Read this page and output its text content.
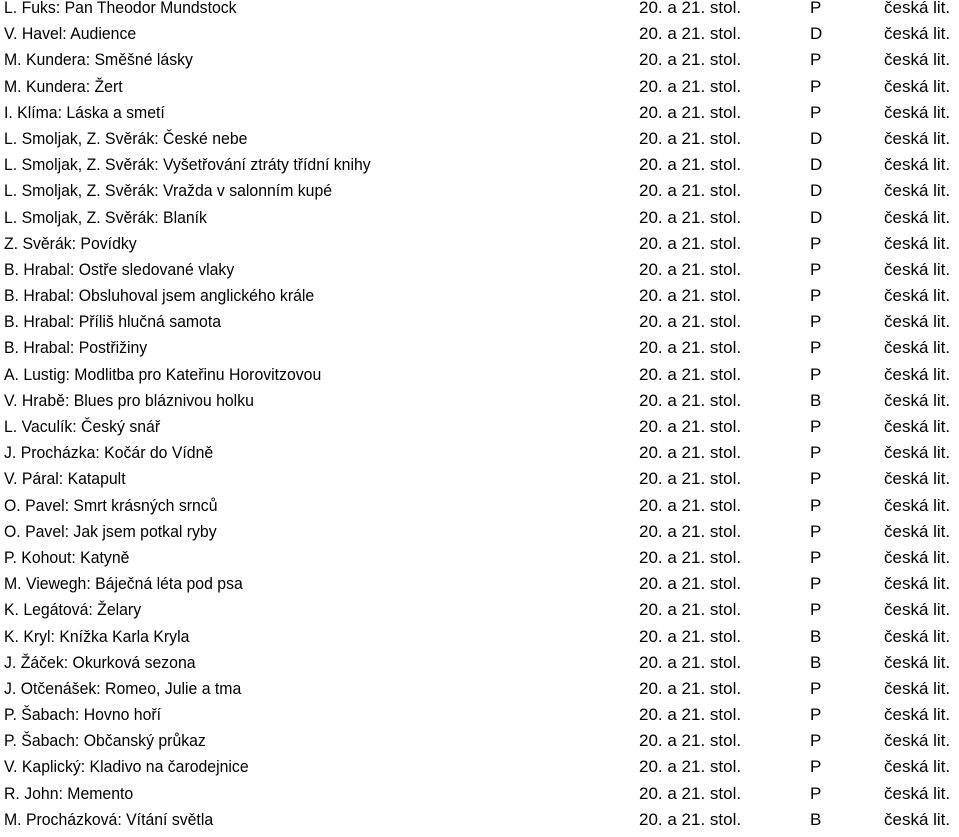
L. Fuks: Pan Theodor Mundstock	20. a 21. stol.	P	česká lit.
V. Havel: Audience	20. a 21. stol.	D	česká lit.
M. Kundera: Směšné lásky	20. a 21. stol.	P	česká lit.
M. Kundera: Žert	20. a 21. stol.	P	česká lit.
I. Klíma: Láska a smetí	20. a 21. stol.	P	česká lit.
L. Smoljak, Z. Svěrák: České nebe	20. a 21. stol.	D	česká lit.
L. Smoljak, Z. Svěrák: Vyšetřování ztráty třídní knihy	20. a 21. stol.	D	česká lit.
L. Smoljak, Z. Svěrák: Vražda v salonním kupé	20. a 21. stol.	D	česká lit.
L. Smoljak, Z. Svěrák: Blaník	20. a 21. stol.	D	česká lit.
Z. Svěrák: Povídky	20. a 21. stol.	P	česká lit.
B. Hrabal: Ostře sledované vlaky	20. a 21. stol.	P	česká lit.
B. Hrabal: Obsluhoval jsem anglického krále	20. a 21. stol.	P	česká lit.
B. Hrabal: Příliš hlučná samota	20. a 21. stol.	P	česká lit.
B. Hrabal: Postřižiny	20. a 21. stol.	P	česká lit.
A. Lustig: Modlitba pro Kateřinu Horovitzovou	20. a 21. stol.	P	česká lit.
V. Hrabě: Blues pro bláznivou holku	20. a 21. stol.	B	česká lit.
L. Vaculík: Český snář	20. a 21. stol.	P	česká lit.
J. Procházka: Kočár do Vídně	20. a 21. stol.	P	česká lit.
V. Páral: Katapult	20. a 21. stol.	P	česká lit.
O. Pavel: Smrt krásných srnců	20. a 21. stol.	P	česká lit.
O. Pavel: Jak jsem potkal ryby	20. a 21. stol.	P	česká lit.
P. Kohout: Katyně	20. a 21. stol.	P	česká lit.
M. Viewegh: Báječná léta pod psa	20. a 21. stol.	P	česká lit.
K. Legátová: Želary	20. a 21. stol.	P	česká lit.
K. Kryl: Knížka Karla Kryla	20. a 21. stol.	B	česká lit.
J. Žáček: Okurková sezona	20. a 21. stol.	B	česká lit.
J. Otčenášek: Romeo, Julie a tma	20. a 21. stol.	P	česká lit.
P. Šabach: Hovno hoří	20. a 21. stol.	P	česká lit.
P. Šabach: Občanský průkaz	20. a 21. stol.	P	česká lit.
V. Kaplický: Kladivo na čarodejnice	20. a 21. stol.	P	česká lit.
R. John: Memento	20. a 21. stol.	P	česká lit.
M. Procházková: Vítání světla	20. a 21. stol.	B	česká lit.
